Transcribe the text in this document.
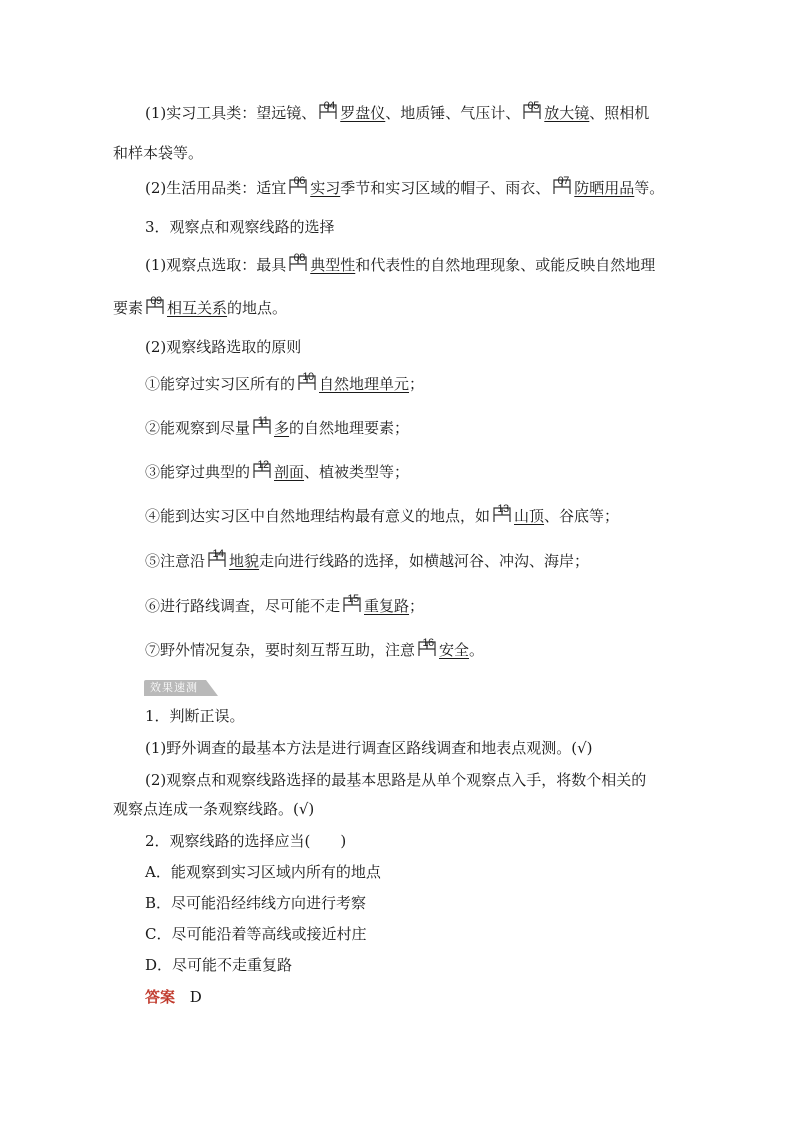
(1)实习工具类：望远镜、 04 罗盘仪、地质锤、气压计、 05 放大镜、照相机
和样本袋等。
(2)生活用品类：适宜 06 实习季节和实习区域的帽子、雨衣、 07 防晒用品等。
3．观察点和观察线路的选择
(1)观察点选取：最具 08 典型性和代表性的自然地理现象、或能反映自然地理
要素 09 相互关系的地点。
(2)观察线路选取的原则
①能穿过实习区所有的 10 自然地理单元；
②能观察到尽量 11 多的自然地理要素；
③能穿过典型的 12 剖面、植被类型等；
④能到达实习区中自然地理结构最有意义的地点，如 13 山顶、谷底等；
⑤注意沿 14 地貌走向进行线路的选择，如横越河谷、冲沟、海岸；
⑥进行路线调查，尽可能不走 15 重复路；
⑦野外情况复杂，要时刻互帮互助，注意 16 安全。
效果速测
1．判断正误。
(1)野外调查的最基本方法是进行调查区路线调查和地表点观测。(√)
(2)观察点和观察线路选择的最基本思路是从单个观察点入手，将数个相关的
观察点连成一条观察线路。(√)
2．观察线路的选择应当(　　)
A．能观察到实习区域内所有的地点
B．尽可能沿经纬线方向进行考察
C．尽可能沿着等高线或接近村庄
D．尽可能不走重复路
答案 D
